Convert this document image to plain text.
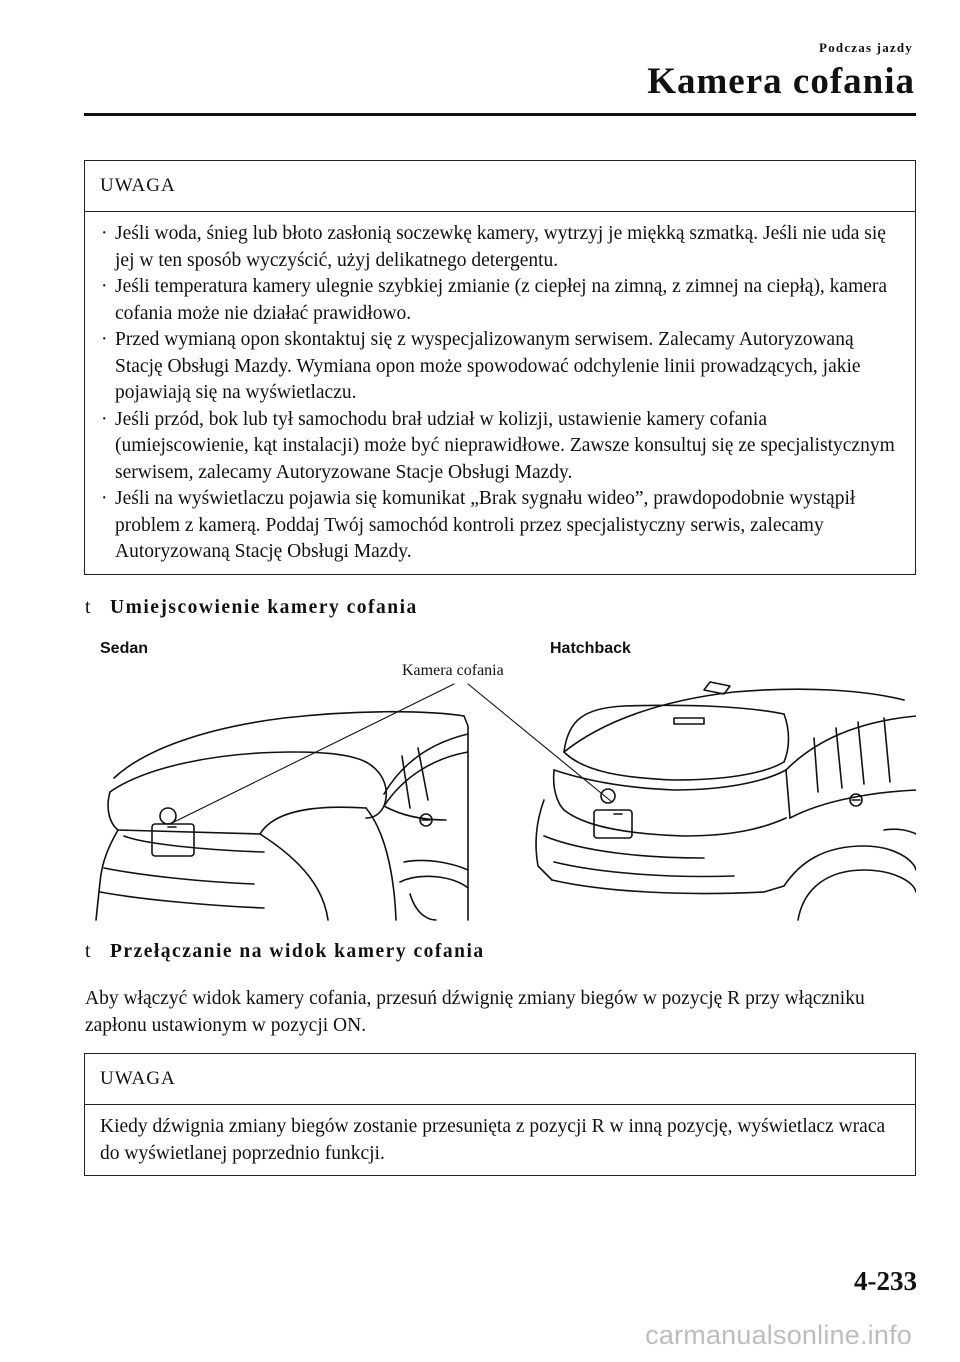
Podczas jazdy
Kamera cofania
UWAGA
· Jeśli woda, śnieg lub błoto zasłonią soczewkę kamery, wytrzyj je miękką szmatką. Jeśli nie uda się jej w ten sposób wyczyścić, użyj delikatnego detergentu.
· Jeśli temperatura kamery ulegnie szybkiej zmianie (z ciepłej na zimną, z zimnej na ciepłą), kamera cofania może nie działać prawidłowo.
· Przed wymianą opon skontaktuj się z wyspecjalizowanym serwisem. Zalecamy Autoryzowaną Stację Obsługi Mazdy. Wymiana opon może spowodować odchylenie linii prowadzących, jakie pojawiają się na wyświetlaczu.
· Jeśli przód, bok lub tył samochodu brał udział w kolizji, ustawienie kamery cofania (umiejscowienie, kąt instalacji) może być nieprawidłowe. Zawsze konsultuj się ze specjalistycznym serwisem, zalecamy Autoryzowane Stacje Obsługi Mazdy.
· Jeśli na wyświetlaczu pojawia się komunikat „Brak sygnału wideo”, prawdopodobnie wystąpił problem z kamerą. Poddaj Twój samochód kontroli przez specjalistyczny serwis, zalecamy Autoryzowaną Stację Obsługi Mazdy.
t Umiejscowienie kamery cofania
Sedan	Hatchback
Kamera cofania
t Przełączanie na widok kamery cofania
Aby włączyć widok kamery cofania, przesuń dźwignię zmiany biegów w pozycję R przy włączniku zapłonu ustawionym w pozycji ON.
UWAGA
Kiedy dźwignia zmiany biegów zostanie przesunięta z pozycji R w inną pozycję, wyświetlacz wraca do wyświetlanej poprzednio funkcji.
4-233
carmanualsonline.info
